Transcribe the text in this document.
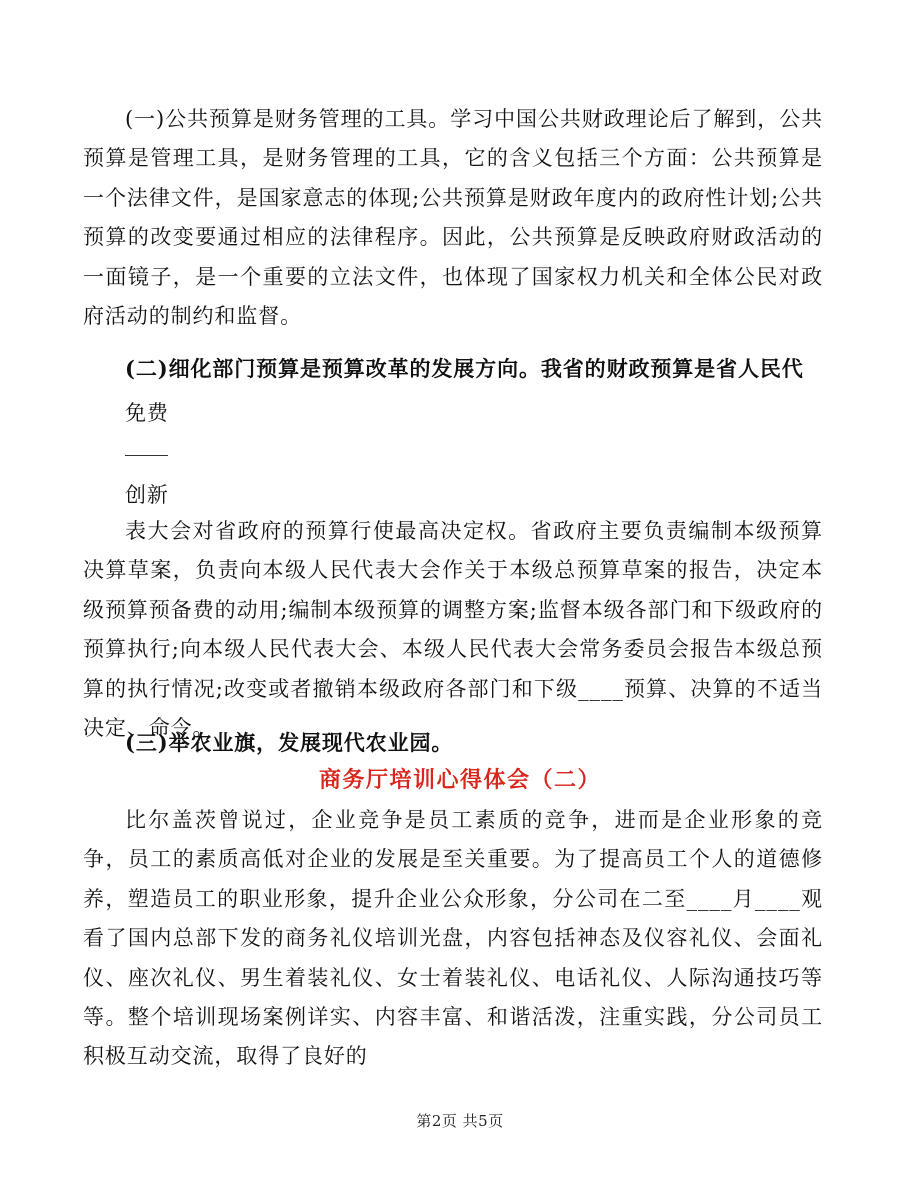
(一)公共预算是财务管理的工具。学习中国公共财政理论后了解到，公共预算是管理工具，是财务管理的工具，它的含义包括三个方面：公共预算是一个法律文件，是国家意志的体现;公共预算是财政年度内的政府性计划;公共预算的改变要通过相应的法律程序。因此，公共预算是反映政府财政活动的一面镜子，是一个重要的立法文件，也体现了国家权力机关和全体公民对政府活动的制约和监督。

(二)细化部门预算是预算改革的发展方向。我省的财政预算是省人民代

免费

创新

表大会对省政府的预算行使最高决定权。省政府主要负责编制本级预算决算草案，负责向本级人民代表大会作关于本级总预算草案的报告，决定本级预算预备费的动用;编制本级预算的调整方案;监督本级各部门和下级政府的预算执行;向本级人民代表大会、本级人民代表大会常务委员会报告本级总预算的执行情况;改变或者撤销本级政府各部门和下级____预算、决算的不适当决定、命令。

(三)举农业旗，发展现代农业园。

商务厅培训心得体会（二）

比尔盖茨曾说过，企业竞争是员工素质的竞争，进而是企业形象的竞争，员工的素质高低对企业的发展是至关重要。为了提高员工个人的道德修养，塑造员工的职业形象，提升企业公众形象，分公司在二至____月____观看了国内总部下发的商务礼仪培训光盘，内容包括神态及仪容礼仪、会面礼仪、座次礼仪、男生着装礼仪、女士着装礼仪、电话礼仪、人际沟通技巧等等。整个培训现场案例详实、内容丰富、和谐活泼，注重实践，分公司员工积极互动交流，取得了良好的

第2页 共5页
